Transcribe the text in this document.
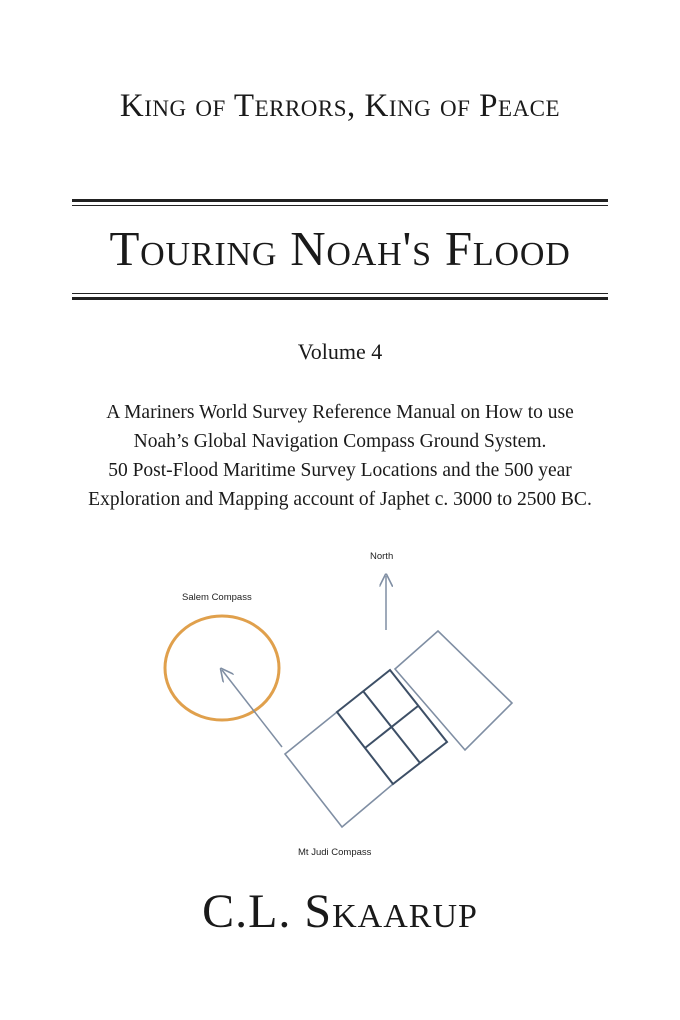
King of Terrors, King of Peace
Touring Noah's Flood
Volume 4
A Mariners World Survey Reference Manual on How to use
Noah’s Global Navigation Compass Ground System.
50 Post-Flood Maritime Survey Locations and the 500 year
Exploration and Mapping account of Japhet c. 3000 to 2500 BC.
North
Salem Compass
Mt Judi Compass
C.L. Skaarup
